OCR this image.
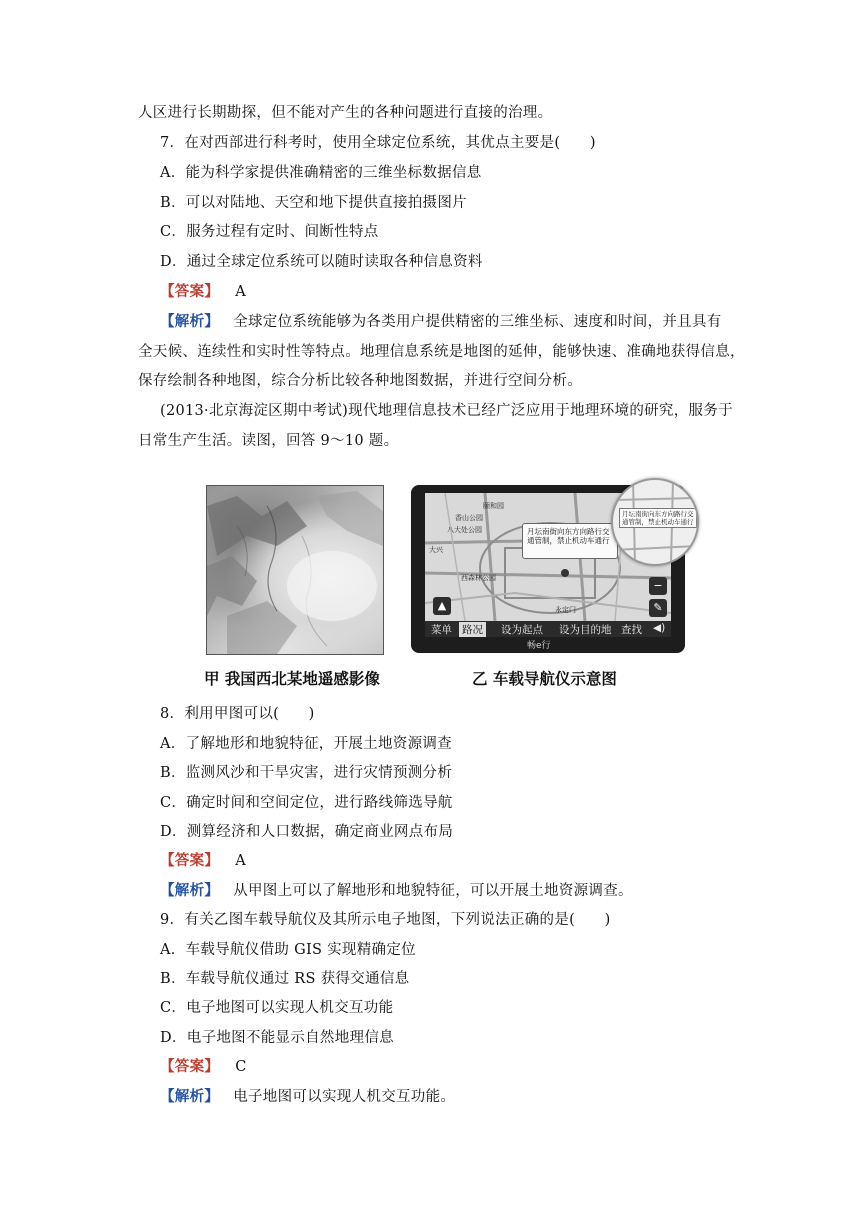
人区进行长期勘探，但不能对产生的各种问题进行直接的治理。
7．在对西部进行科考时，使用全球定位系统，其优点主要是(　　)
A．能为科学家提供准确精密的三维坐标数据信息
B．可以对陆地、天空和地下提供直接拍摄图片
C．服务过程有定时、间断性特点
D．通过全球定位系统可以随时读取各种信息资料
【答案】 A
【解析】 全球定位系统能够为各类用户提供精密的三维坐标、速度和时间，并且具有
全天候、连续性和实时性等特点。地理信息系统是地图的延伸，能够快速、准确地获得信息，
保存绘制各种地图，综合分析比较各种地图数据，并进行空间分析。
(2013·北京海淀区期中考试)现代地理信息技术已经广泛应用于地理环境的研究，服务于
日常生产生活。读图，回答 9～10 题。
香山公园
颐和园
八大处公园
大兴
西森林公园
永定门
月坛南街向东方向路行交通管制，禁止机动车通行
▲
−
✎
菜单 路况 设为起点 设为目的地 查找 ◀)
畅e行
月坛南街向东方向路行交通管制，禁止机动车通行
甲 我国西北某地遥感影像	乙 车载导航仪示意图
8．利用甲图可以(　　)
A．了解地形和地貌特征，开展土地资源调查
B．监测风沙和干旱灾害，进行灾情预测分析
C．确定时间和空间定位，进行路线筛选导航
D．测算经济和人口数据，确定商业网点布局
【答案】 A
【解析】 从甲图上可以了解地形和地貌特征，可以开展土地资源调查。
9．有关乙图车载导航仪及其所示电子地图，下列说法正确的是(　　)
A．车载导航仪借助 GIS 实现精确定位
B．车载导航仪通过 RS 获得交通信息
C．电子地图可以实现人机交互功能
D．电子地图不能显示自然地理信息
【答案】 C
【解析】 电子地图可以实现人机交互功能。
